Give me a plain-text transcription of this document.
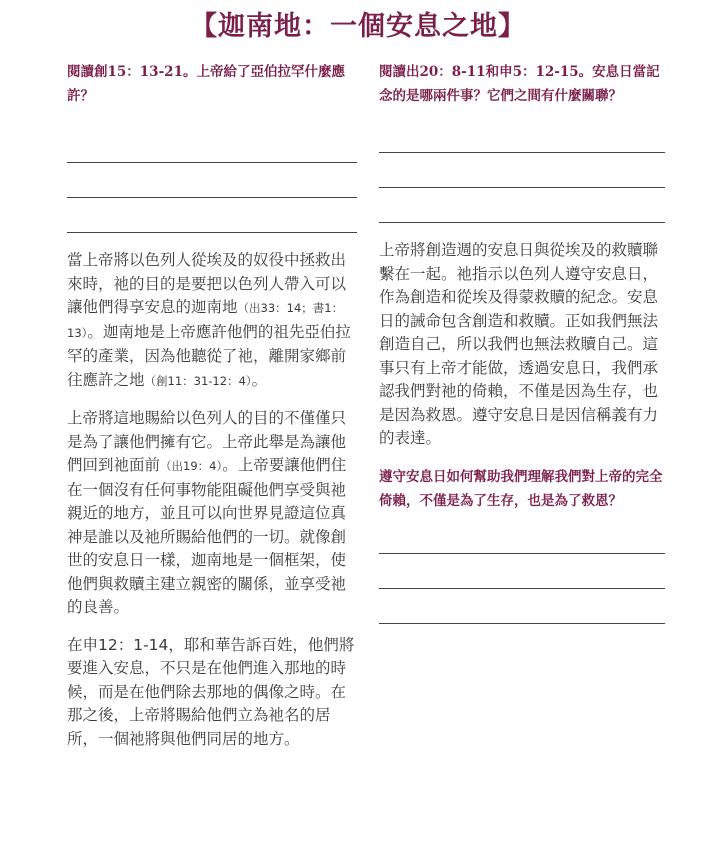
【迦南地：一個安息之地】

閱讀創15：13-21。上帝給了亞伯拉罕什麼應許？

當上帝將以色列人從埃及的奴役中拯救出來時，祂的目的是要把以色列人帶入可以讓他們得享安息的迦南地（出33：14；書1：13）。迦南地是上帝應許他們的祖先亞伯拉罕的產業，因為他聽從了祂，離開家鄉前往應許之地（創11：31-12：4）。

上帝將這地賜給以色列人的目的不僅僅只是為了讓他們擁有它。上帝此舉是為讓他們回到祂面前（出19：4）。上帝要讓他們住在一個沒有任何事物能阻礙他們享受與祂親近的地方，並且可以向世界見證這位真神是誰以及祂所賜給他們的一切。就像創世的安息日一樣，迦南地是一個框架，使他們與救贖主建立親密的關係，並享受祂的良善。

在申12：1-14，耶和華告訴百姓，他們將要進入安息，不只是在他們進入那地的時候，而是在他們除去那地的偶像之時。在那之後，上帝將賜給他們立為祂名的居所，一個祂將與他們同居的地方。

閱讀出20：8-11和申5：12-15。安息日當記念的是哪兩件事？它們之間有什麼關聯？

上帝將創造週的安息日與從埃及的救贖聯繫在一起。祂指示以色列人遵守安息日，作為創造和從埃及得蒙救贖的紀念。安息日的誡命包含創造和救贖。正如我們無法創造自己，所以我們也無法救贖自己。這事只有上帝才能做，透過安息日，我們承認我們對祂的倚賴，不僅是因為生存，也是因為救恩。遵守安息日是因信稱義有力的表達。

遵守安息日如何幫助我們理解我們對上帝的完全倚賴，不僅是為了生存，也是為了救恩？
